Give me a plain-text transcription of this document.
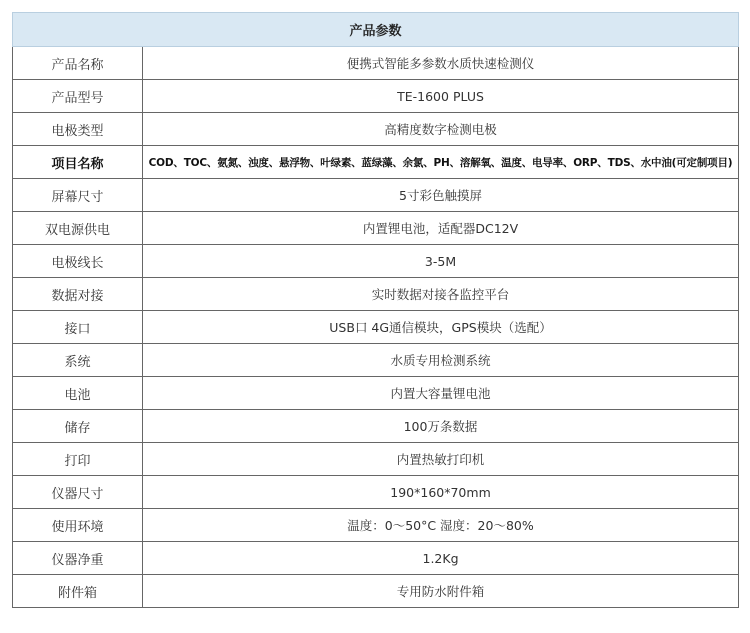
产品参数	
产品名称	便携式智能多参数水质快速检测仪
产品型号	TE-1600 PLUS
电极类型	高精度数字检测电极
项目名称	COD、TOC、氨氮、浊度、悬浮物、叶绿素、蓝绿藻、余氯、PH、溶解氧、温度、电导率、ORP、TDS、水中油(可定制项目)
屏幕尺寸	5寸彩色触摸屏
双电源供电	内置锂电池，适配器DC12V
电极线长	3-5M
数据对接	实时数据对接各监控平台
接口	USB口 4G通信模块，GPS模块（选配）
系统	水质专用检测系统
电池	内置大容量锂电池
储存	100万条数据
打印	内置热敏打印机
仪器尺寸	190*160*70mm
使用环境	温度：0～50°C 湿度：20～80%
仪器净重	1.2Kg
附件箱	专用防水附件箱
